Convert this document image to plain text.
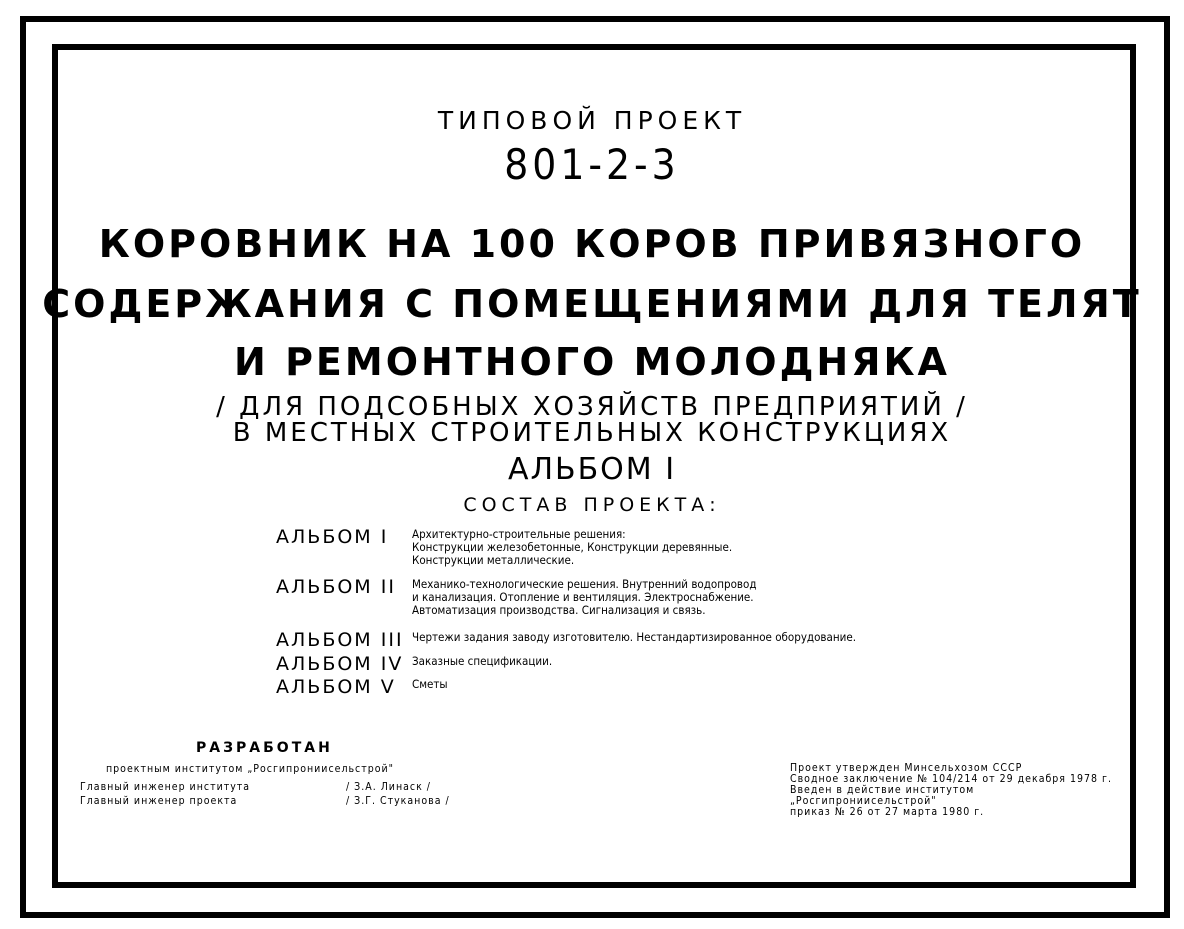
ТИПОВОЙ ПРОЕКТ
801-2-3
КОРОВНИК НА 100 КОРОВ ПРИВЯЗНОГО
СОДЕРЖАНИЯ С ПОМЕЩЕНИЯМИ ДЛЯ ТЕЛЯТ
И РЕМОНТНОГО МОЛОДНЯКА
/ ДЛЯ ПОДСОБНЫХ ХОЗЯЙСТВ ПРЕДПРИЯТИЙ /
В МЕСТНЫХ СТРОИТЕЛЬНЫХ КОНСТРУКЦИЯХ
АЛЬБОМ I
СОСТАВ ПРОЕКТА:
АЛЬБОМ I Архитектурно-строительные решения:
Конструкции железобетонные, Конструкции деревянные.
Конструкции металлические.
АЛЬБОМ II Механико-технологические решения. Внутренний водопровод
и канализация. Отопление и вентиляция. Электроснабжение.
Автоматизация производства. Сигнализация и связь.
АЛЬБОМ III Чертежи задания заводу изготовителю. Нестандартизированное оборудование.
АЛЬБОМ IV Заказные спецификации.
АЛЬБОМ V Сметы
РАЗРАБОТАН
проектным институтом „Росгипрониисельстрой"
Главный инженер института	/ З.А. Линаск /
Главный инженер проекта	/ З.Г. Стуканова /
Проект утвержден Минсельхозом СССР
Сводное заключение № 104/214 от 29 декабря 1978 г.
Введен в действие институтом
„Росгипрониисельстрой"
приказ № 26 от 27 марта 1980 г.
